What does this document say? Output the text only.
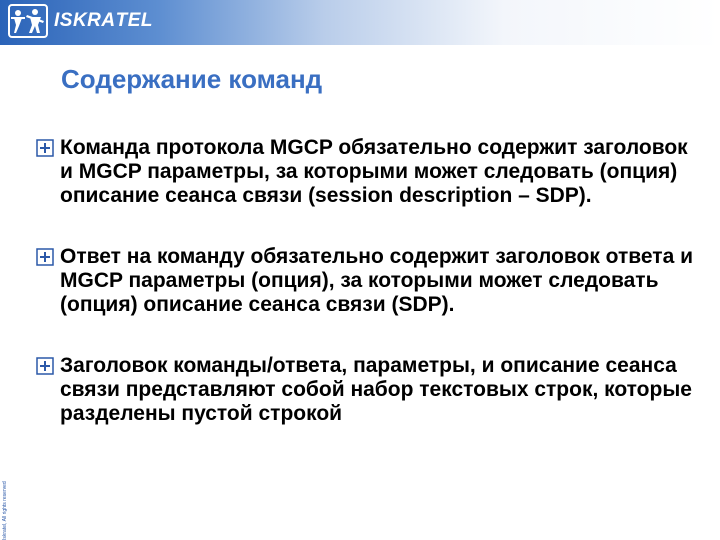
ISKRATEL
Содержание команд
Iskratel, All rights reserved
Команда протокола MGCP обязательно содержит заголовок и MGCP параметры, за которыми может следовать (опция) описание сеанса связи (session description – SDP).
Ответ на команду обязательно содержит заголовок ответа и MGCP параметры (опция), за которыми может следовать (опция) описание сеанса связи (SDP).
Заголовок команды/ответа, параметры, и описание сеанса связи представляют собой набор текстовых строк, которые разделены пустой строкой
